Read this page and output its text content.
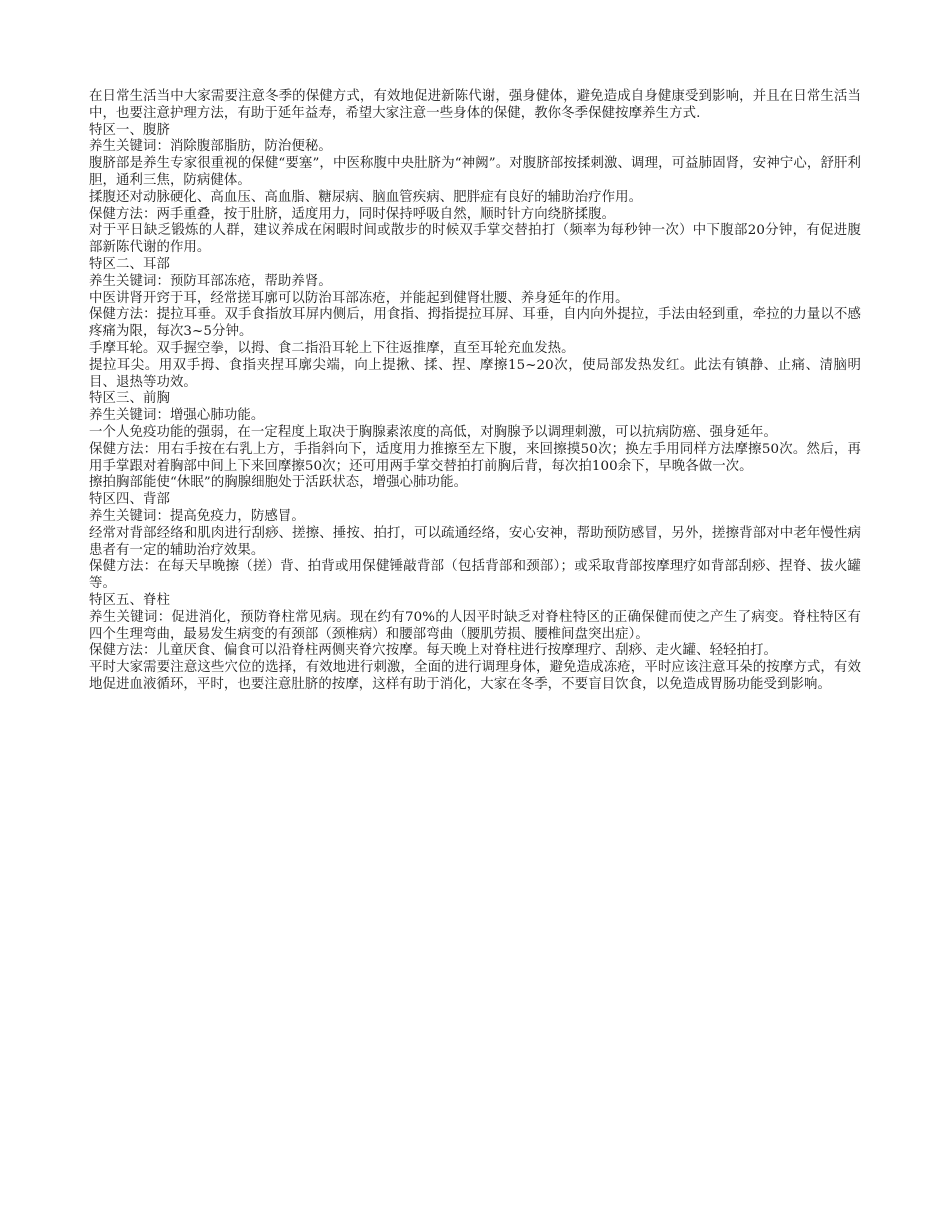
在日常生活当中大家需要注意冬季的保健方式，有效地促进新陈代谢，强身健体，避免造成自身健康受到影响，并且在日常生活当中，也要注意护理方法，有助于延年益寿，希望大家注意一些身体的保健，教你冬季保健按摩养生方式.

特区一、腹脐

养生关键词：消除腹部脂肪，防治便秘。

腹脐部是养生专家很重视的保健“要塞”，中医称腹中央肚脐为“神阙”。对腹脐部按揉刺激、调理，可益肺固肾，安神宁心，舒肝利胆，通利三焦，防病健体。

揉腹还对动脉硬化、高血压、高血脂、糖尿病、脑血管疾病、肥胖症有良好的辅助治疗作用。

保健方法：两手重叠，按于肚脐，适度用力，同时保持呼吸自然，顺时针方向绕脐揉腹。

对于平日缺乏锻炼的人群，建议养成在闲暇时间或散步的时候双手掌交替拍打（频率为每秒钟一次）中下腹部20分钟，有促进腹部新陈代谢的作用。

特区二、耳部

养生关键词：预防耳部冻疮，帮助养肾。

中医讲肾开窍于耳，经常搓耳廓可以防治耳部冻疮，并能起到健肾壮腰、养身延年的作用。

保健方法：提拉耳垂。双手食指放耳屏内侧后，用食指、拇指提拉耳屏、耳垂，自内向外提拉，手法由轻到重，牵拉的力量以不感疼痛为限，每次3~5分钟。

手摩耳轮。双手握空拳，以拇、食二指沿耳轮上下往返推摩，直至耳轮充血发热。

提拉耳尖。用双手拇、食指夹捏耳廓尖端，向上提揪、揉、捏、摩擦15~20次，使局部发热发红。此法有镇静、止痛、清脑明目、退热等功效。

特区三、前胸

养生关键词：增强心肺功能。

一个人免疫功能的强弱，在一定程度上取决于胸腺素浓度的高低，对胸腺予以调理刺激，可以抗病防癌、强身延年。

保健方法：用右手按在右乳上方，手指斜向下，适度用力推擦至左下腹，来回擦摸50次；换左手用同样方法摩擦50次。然后，再用手掌跟对着胸部中间上下来回摩擦50次；还可用两手掌交替拍打前胸后背，每次拍100余下，早晚各做一次。

擦拍胸部能使“休眠”的胸腺细胞处于活跃状态，增强心肺功能。

特区四、背部

养生关键词：提高免疫力，防感冒。

经常对背部经络和肌肉进行刮痧、搓擦、捶按、拍打，可以疏通经络，安心安神，帮助预防感冒，另外，搓擦背部对中老年慢性病患者有一定的辅助治疗效果。

保健方法：在每天早晚擦（搓）背、拍背或用保健锤敲背部（包括背部和颈部）；或采取背部按摩理疗如背部刮痧、捏脊、拔火罐等。

特区五、脊柱

养生关键词：促进消化，预防脊柱常见病。现在约有70%的人因平时缺乏对脊柱特区的正确保健而使之产生了病变。脊柱特区有四个生理弯曲，最易发生病变的有颈部（颈椎病）和腰部弯曲（腰肌劳损、腰椎间盘突出症）。

保健方法：儿童厌食、偏食可以沿脊柱两侧夹脊穴按摩。每天晚上对脊柱进行按摩理疗、刮痧、走火罐、轻轻拍打。

平时大家需要注意这些穴位的选择，有效地进行刺激，全面的进行调理身体，避免造成冻疮，平时应该注意耳朵的按摩方式，有效地促进血液循环，平时，也要注意肚脐的按摩，这样有助于消化，大家在冬季，不要盲目饮食，以免造成胃肠功能受到影响。
